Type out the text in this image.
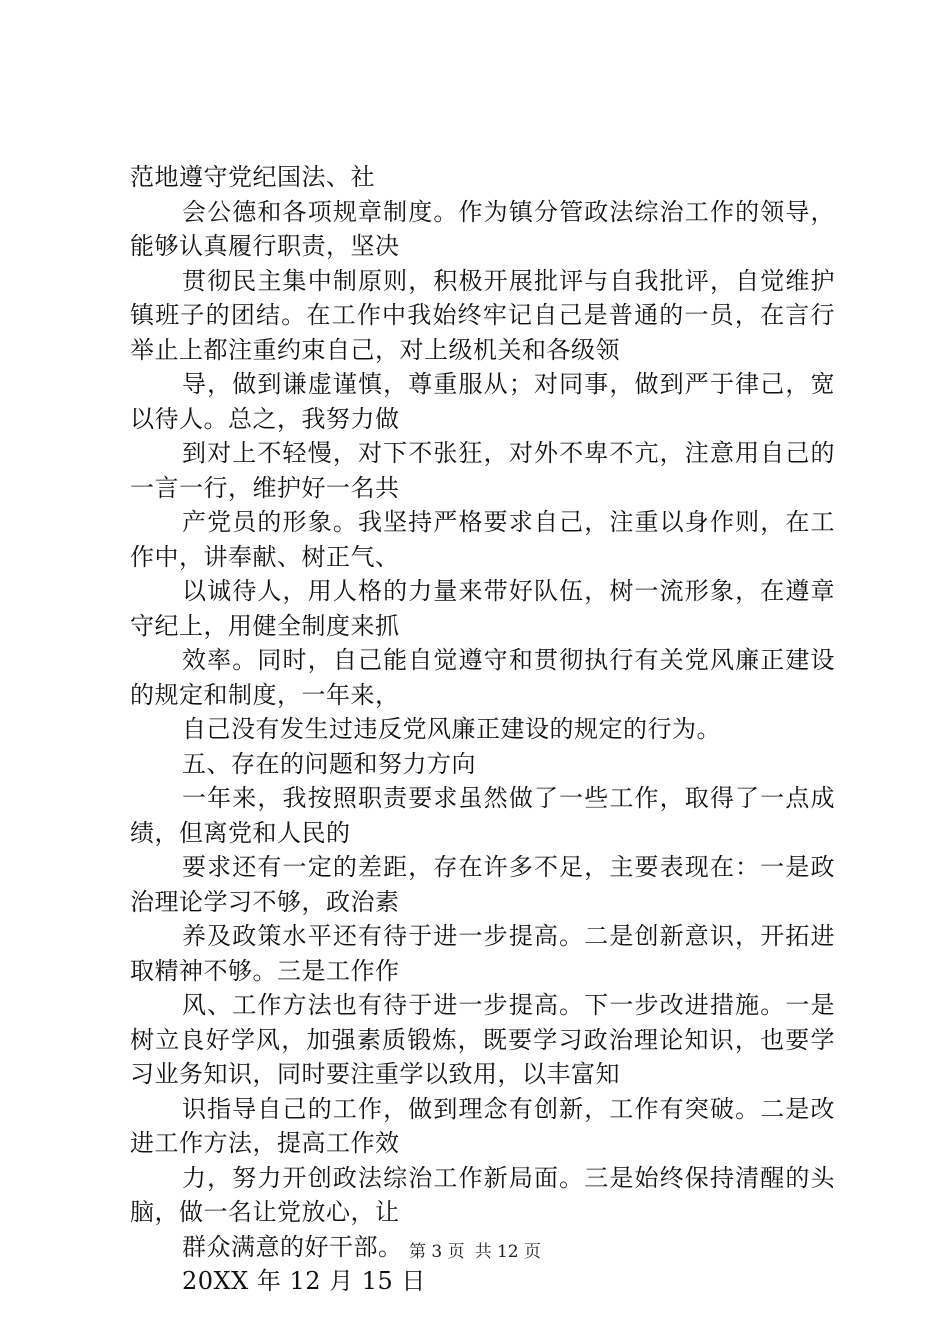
范地遵守党纪国法、社

会公德和各项规章制度。作为镇分管政法综治工作的领导，能够认真履行职责，坚决

贯彻民主集中制原则，积极开展批评与自我批评，自觉维护镇班子的团结。在工作中我始终牢记自己是普通的一员，在言行举止上都注重约束自己，对上级机关和各级领

导，做到谦虚谨慎，尊重服从；对同事，做到严于律己，宽以待人。总之，我努力做

到对上不轻慢，对下不张狂，对外不卑不亢，注意用自己的一言一行，维护好一名共

产党员的形象。我坚持严格要求自己，注重以身作则，在工作中，讲奉献、树正气、

以诚待人，用人格的力量来带好队伍，树一流形象，在遵章守纪上，用健全制度来抓

效率。同时，自己能自觉遵守和贯彻执行有关党风廉正建设的规定和制度，一年来，

自己没有发生过违反党风廉正建设的规定的行为。

五、存在的问题和努力方向

一年来，我按照职责要求虽然做了一些工作，取得了一点成绩，但离党和人民的

要求还有一定的差距，存在许多不足，主要表现在：一是政治理论学习不够，政治素

养及政策水平还有待于进一步提高。二是创新意识，开拓进取精神不够。三是工作作

风、工作方法也有待于进一步提高。下一步改进措施。一是树立良好学风，加强素质锻炼，既要学习政治理论知识，也要学习业务知识，同时要注重学以致用，以丰富知

识指导自己的工作，做到理念有创新，工作有突破。二是改进工作方法，提高工作效

力，努力开创政法综治工作新局面。三是始终保持清醒的头脑，做一名让党放心，让

群众满意的好干部。

20XX 年 12 月 15 日

第 3 页 共 12 页
